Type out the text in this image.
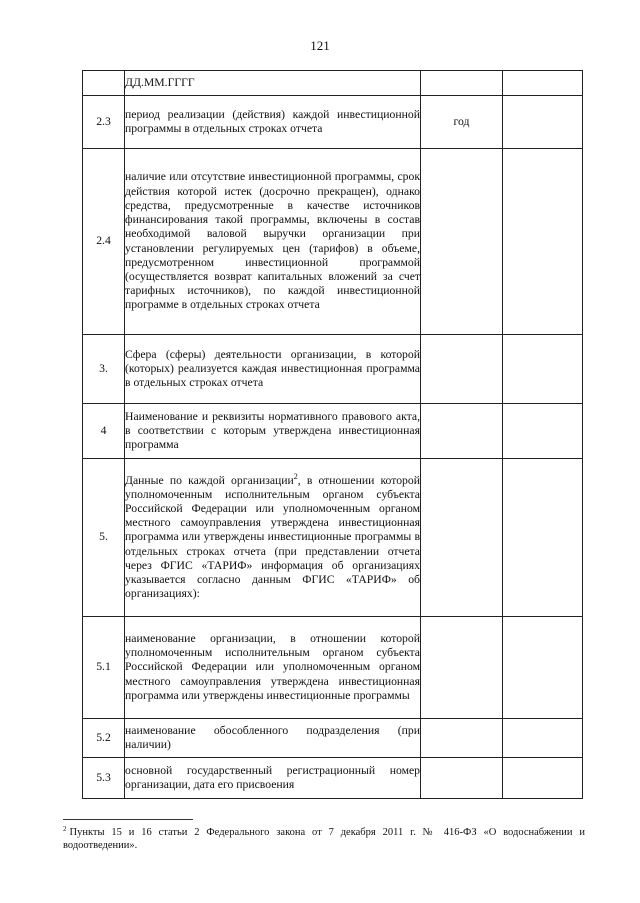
121
	ДД.ММ.ГГГГ		
2.3	период реализации (действия) каждой инвестиционной программы в отдельных строках отчета	год	
2.4	наличие или отсутствие инвестиционной программы, срок действия которой истек (досрочно прекращен), однако средства, предусмотренные в качестве источников финансирования такой программы, включены в состав необходимой валовой выручки организации при установлении регулируемых цен (тарифов) в объеме, предусмотренном инвестиционной программой (осуществляется возврат капитальных вложений за счет тарифных источников), по каждой инвестиционной программе в отдельных строках отчета		
3.	Сфера (сферы) деятельности организации, в которой (которых) реализуется каждая инвестиционная программа в отдельных строках отчета		
4	Наименование и реквизиты нормативного правового акта, в соответствии с которым утверждена инвестиционная программа		
5.	Данные по каждой организации$^2$, в отношении которой уполномоченным исполнительным органом субъекта Российской Федерации или уполномоченным органом местного самоуправления утверждена инвестиционная программа или утверждены инвестиционные программы в отдельных строках отчета (при представлении отчета через ФГИС «ТАРИФ» информация об организациях указывается согласно данным ФГИС «ТАРИФ» об организациях):		
5.1	наименование организации, в отношении которой уполномоченным исполнительным органом субъекта Российской Федерации или уполномоченным органом местного самоуправления утверждена инвестиционная программа или утверждены инвестиционные программы		
5.2	наименование обособленного подразделения (при наличии)		
5.3	основной государственный регистрационный номер организации, дата его присвоения		
$^2$ Пункты 15 и 16 статьи 2 Федерального закона от 7 декабря 2011 г. № 416-ФЗ «О водоснабжении и водоотведении».
